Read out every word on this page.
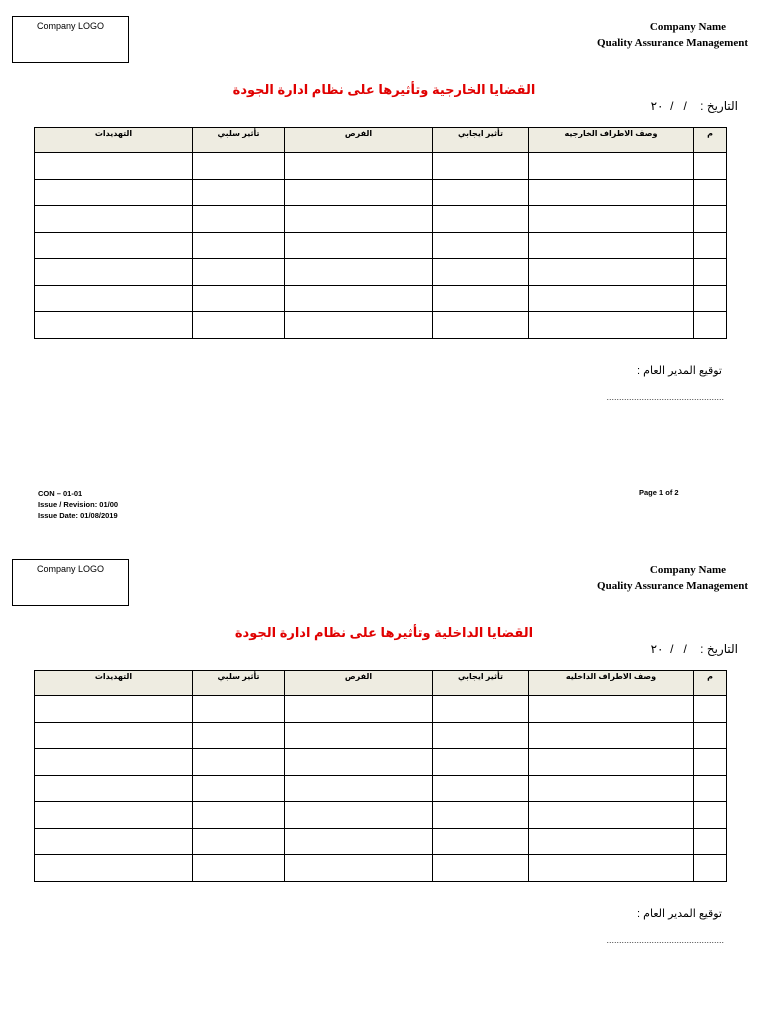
Company LOGO	Company Name
Quality Assurance Management
القضايا الخارجية وتأثيرها على نظام ادارة الجودة
التاريخ :    /   /  ٢٠
التهديدات	تأثير سلبي	الفرص	تأثير ايجابي	وصف الاطراف الخارجيه	م

توقيع المدير العام :
...............................................
CON – 01-01
Issue / Revision: 01/00
Issue Date: 01/08/2019
Page 1 of 2
Company LOGO	Company Name
Quality Assurance Management
القضايا الداخلية وتأثيرها على نظام ادارة الجودة
التاريخ :    /   /  ٢٠
التهديدات	تأثير سلبي	الفرص	تأثير ايجابي	وصف الاطراف الداخليه	م

توقيع المدير العام :
...............................................
